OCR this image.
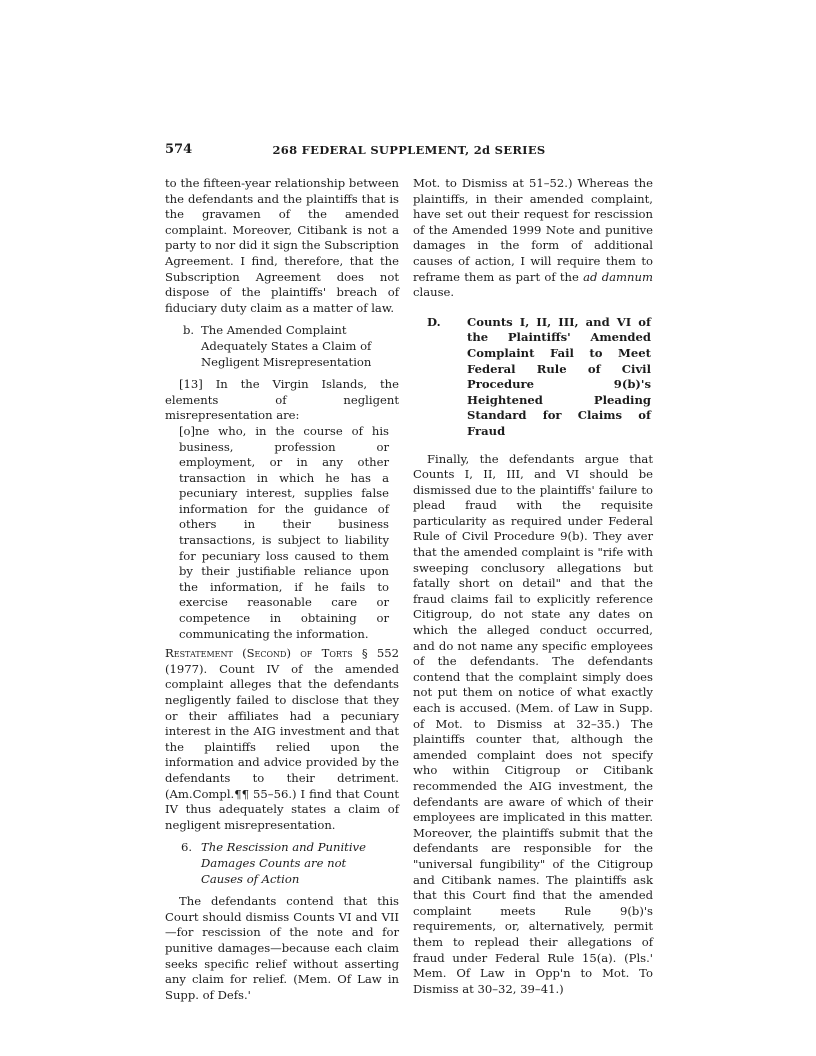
574	268 FEDERAL SUPPLEMENT, 2d SERIES

to the fifteen-year relationship between the defendants and the plaintiffs that is the gravamen of the amended complaint. Moreover, Citibank is not a party to nor did it sign the Subscription Agreement. I find, therefore, that the Subscription Agreement does not dispose of the plaintiffs' breach of fiduciary duty claim as a matter of law.

b. The Amended Complaint Adequately States a Claim of Negligent Misrepresentation

[13] In the Virgin Islands, the elements of negligent misrepresentation are:

[o]ne who, in the course of his business, profession or employment, or in any other transaction in which he has a pecuniary interest, supplies false information for the guidance of others in their business transactions, is subject to liability for pecuniary loss caused to them by their justifiable reliance upon the information, if he fails to exercise reasonable care or competence in obtaining or communicating the information.

Restatement (Second) of Torts § 552 (1977). Count IV of the amended complaint alleges that the defendants negligently failed to disclose that they or their affiliates had a pecuniary interest in the AIG investment and that the plaintiffs relied upon the information and advice provided by the defendants to their detriment. (Am.Compl.¶¶ 55–56.) I find that Count IV thus adequately states a claim of negligent misrepresentation.

6. The Rescission and Punitive Damages Counts are not Causes of Action

The defendants contend that this Court should dismiss Counts VI and VII—for rescission of the note and for punitive damages—because each claim seeks specific relief without asserting any claim for relief. (Mem. Of Law in Supp. of Defs.'

Mot. to Dismiss at 51–52.) Whereas the plaintiffs, in their amended complaint, have set out their request for rescission of the Amended 1999 Note and punitive damages in the form of additional causes of action, I will require them to reframe them as part of the ad damnum clause.

D.	Counts I, II, III, and VI of the Plaintiffs' Amended Complaint Fail to Meet Federal Rule of Civil Procedure 9(b)'s Heightened Pleading Standard for Claims of Fraud

Finally, the defendants argue that Counts I, II, III, and VI should be dismissed due to the plaintiffs' failure to plead fraud with the requisite particularity as required under Federal Rule of Civil Procedure 9(b). They aver that the amended complaint is "rife with sweeping conclusory allegations but fatally short on detail" and that the fraud claims fail to explicitly reference Citigroup, do not state any dates on which the alleged conduct occurred, and do not name any specific employees of the defendants. The defendants contend that the complaint simply does not put them on notice of what exactly each is accused. (Mem. of Law in Supp. of Mot. to Dismiss at 32–35.) The plaintiffs counter that, although the amended complaint does not specify who within Citigroup or Citibank recommended the AIG investment, the defendants are aware of which of their employees are implicated in this matter. Moreover, the plaintiffs submit that the defendants are responsible for the "universal fungibility" of the Citigroup and Citibank names. The plaintiffs ask that this Court find that the amended complaint meets Rule 9(b)'s requirements, or, alternatively, permit them to replead their allegations of fraud under Federal Rule 15(a). (Pls.' Mem. Of Law in Opp'n to Mot. To Dismiss at 30–32, 39–41.)
